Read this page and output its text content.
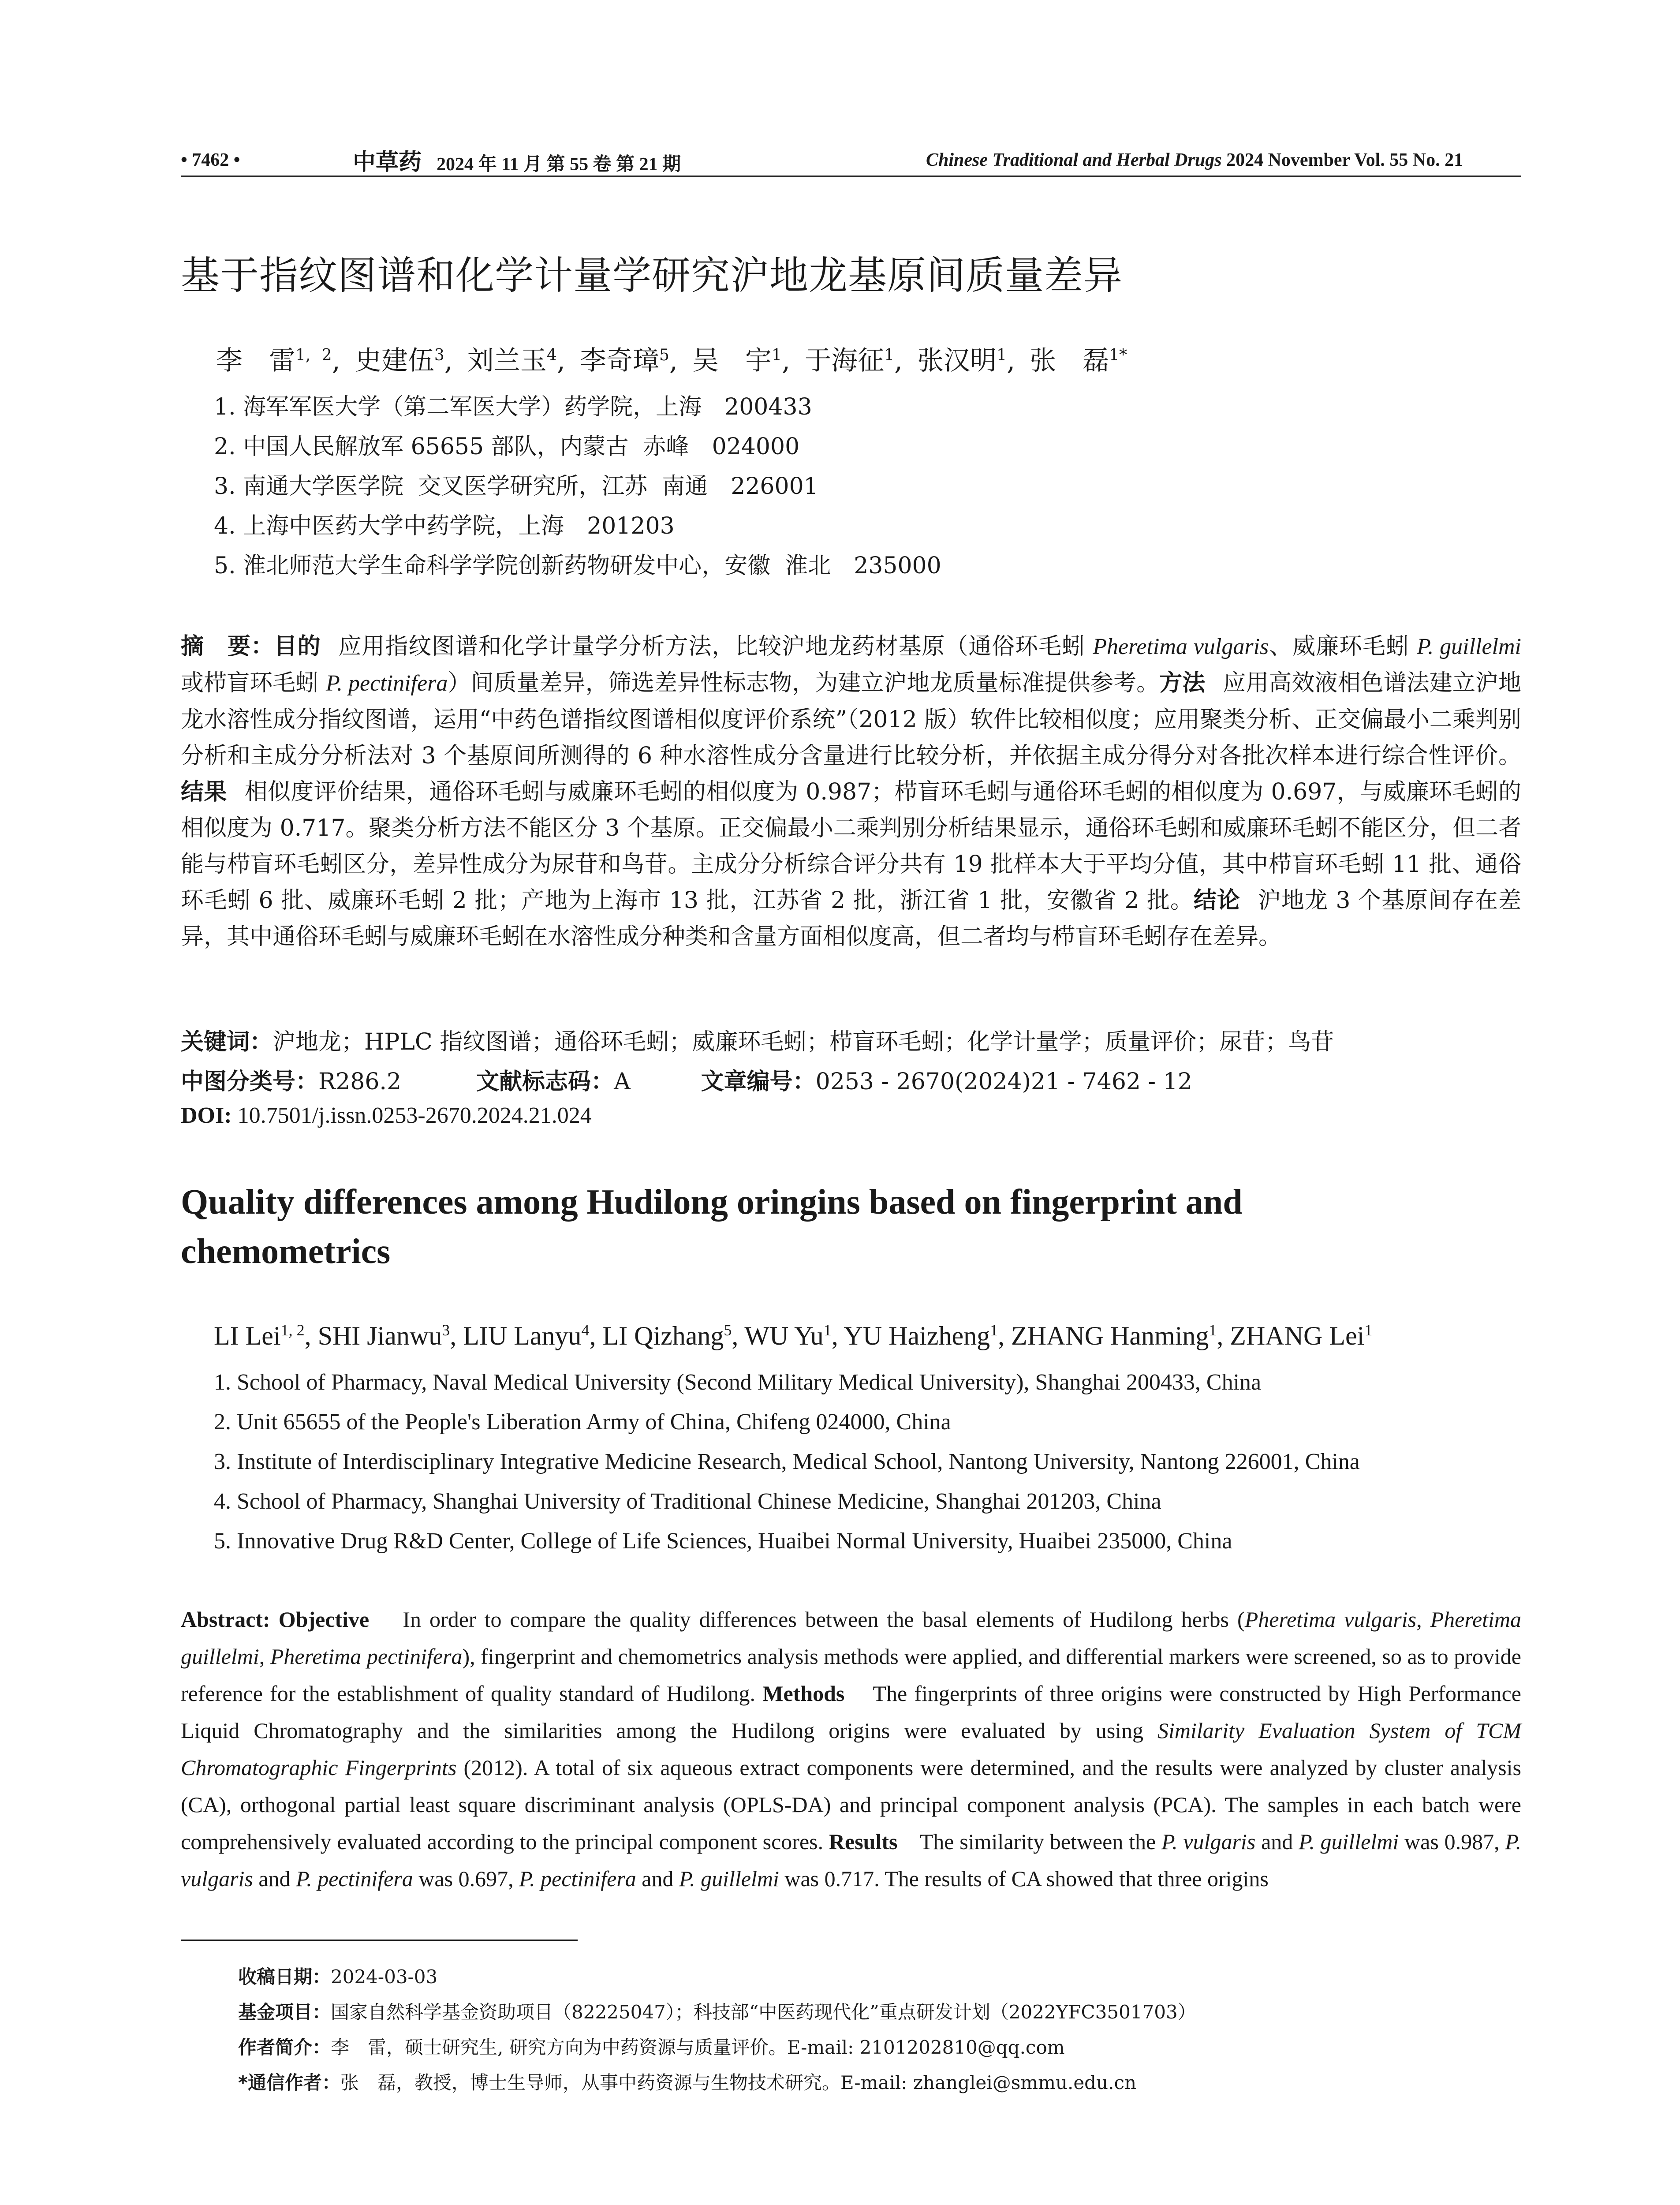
• 7462 •	中草药 2024 年 11 月 第 55 卷 第 21 期	Chinese Traditional and Herbal Drugs 2024 November Vol. 55 No. 21
基于指纹图谱和化学计量学研究沪地龙基原间质量差异
李　雷$^{1, 2}$, 史建伍$^3$, 刘兰玉$^4$, 李奇璋$^5$, 吴　宇$^1$, 于海征$^1$, 张汉明$^1$, 张　磊$^{1*}$
1. 海军军医大学（第二军医大学）药学院，上海　200433
2. 中国人民解放军 65655 部队，内蒙古  赤峰　024000
3. 南通大学医学院  交叉医学研究所，江苏  南通　226001
4. 上海中医药大学中药学院，上海　201203
5. 淮北师范大学生命科学学院创新药物研发中心，安徽  淮北　235000
摘　要：目的 应用指纹图谱和化学计量学分析方法，比较沪地龙药材基原（通俗环毛蚓 Pheretima vulgaris、威廉环毛蚓 P. guillelmi 或栉盲环毛蚓 P. pectinifera）间质量差异，筛选差异性标志物，为建立沪地龙质量标准提供参考。方法 应用高效液相色谱法建立沪地龙水溶性成分指纹图谱，运用“中药色谱指纹图谱相似度评价系统”（2012 版）软件比较相似度；应用聚类分析、正交偏最小二乘判别分析和主成分分析法对 3 个基原间所测得的 6 种水溶性成分含量进行比较分析，并依据主成分得分对各批次样本进行综合性评价。结果 相似度评价结果，通俗环毛蚓与威廉环毛蚓的相似度为 0.987；栉盲环毛蚓与通俗环毛蚓的相似度为 0.697，与威廉环毛蚓的相似度为 0.717。聚类分析方法不能区分 3 个基原。正交偏最小二乘判别分析结果显示，通俗环毛蚓和威廉环毛蚓不能区分，但二者能与栉盲环毛蚓区分，差异性成分为尿苷和鸟苷。主成分分析综合评分共有 19 批样本大于平均分值，其中栉盲环毛蚓 11 批、通俗环毛蚓 6 批、威廉环毛蚓 2 批；产地为上海市 13 批，江苏省 2 批，浙江省 1 批，安徽省 2 批。结论 沪地龙 3 个基原间存在差异，其中通俗环毛蚓与威廉环毛蚓在水溶性成分种类和含量方面相似度高，但二者均与栉盲环毛蚓存在差异。
关键词：沪地龙；HPLC 指纹图谱；通俗环毛蚓；威廉环毛蚓；栉盲环毛蚓；化学计量学；质量评价；尿苷；鸟苷
中图分类号：R286.2	文献标志码：A	文章编号：0253 - 2670(2024)21 - 7462 - 12
DOI: 10.7501/j.issn.0253-2670.2024.21.024
Quality differences among Hudilong oringins based on fingerprint and
chemometrics
LI Lei$^{1, 2}$, SHI Jianwu$^3$, LIU Lanyu$^4$, LI Qizhang$^5$, WU Yu$^1$, YU Haizheng$^1$, ZHANG Hanming$^1$, ZHANG Lei$^1$
1. School of Pharmacy, Naval Medical University (Second Military Medical University), Shanghai 200433, China
2. Unit 65655 of the People's Liberation Army of China, Chifeng 024000, China
3. Institute of Interdisciplinary Integrative Medicine Research, Medical School, Nantong University, Nantong 226001, China
4. School of Pharmacy, Shanghai University of Traditional Chinese Medicine, Shanghai 201203, China
5. Innovative Drug R&D Center, College of Life Sciences, Huaibei Normal University, Huaibei 235000, China
Abstract: Objective In order to compare the quality differences between the basal elements of Hudilong herbs (Pheretima vulgaris, Pheretima guillelmi, Pheretima pectinifera), fingerprint and chemometrics analysis methods were applied, and differential markers were screened, so as to provide reference for the establishment of quality standard of Hudilong. Methods The fingerprints of three origins were constructed by High Performance Liquid Chromatography and the similarities among the Hudilong origins were evaluated by using Similarity Evaluation System of TCM Chromatographic Fingerprints (2012). A total of six aqueous extract components were determined, and the results were analyzed by cluster analysis (CA), orthogonal partial least square discriminant analysis (OPLS-DA) and principal component analysis (PCA). The samples in each batch were comprehensively evaluated according to the principal component scores. Results The similarity between the P. vulgaris and P. guillelmi was 0.987, P. vulgaris and P. pectinifera was 0.697, P. pectinifera and P. guillelmi was 0.717. The results of CA showed that three origins
收稿日期：2024-03-03
基金项目：国家自然科学基金资助项目（82225047）；科技部“中医药现代化”重点研发计划（2022YFC3501703）
作者简介：李　雷，硕士研究生, 研究方向为中药资源与质量评价。E-mail: 2101202810@qq.com
*通信作者：张　磊，教授，博士生导师，从事中药资源与生物技术研究。E-mail: zhanglei@smmu.edu.cn
